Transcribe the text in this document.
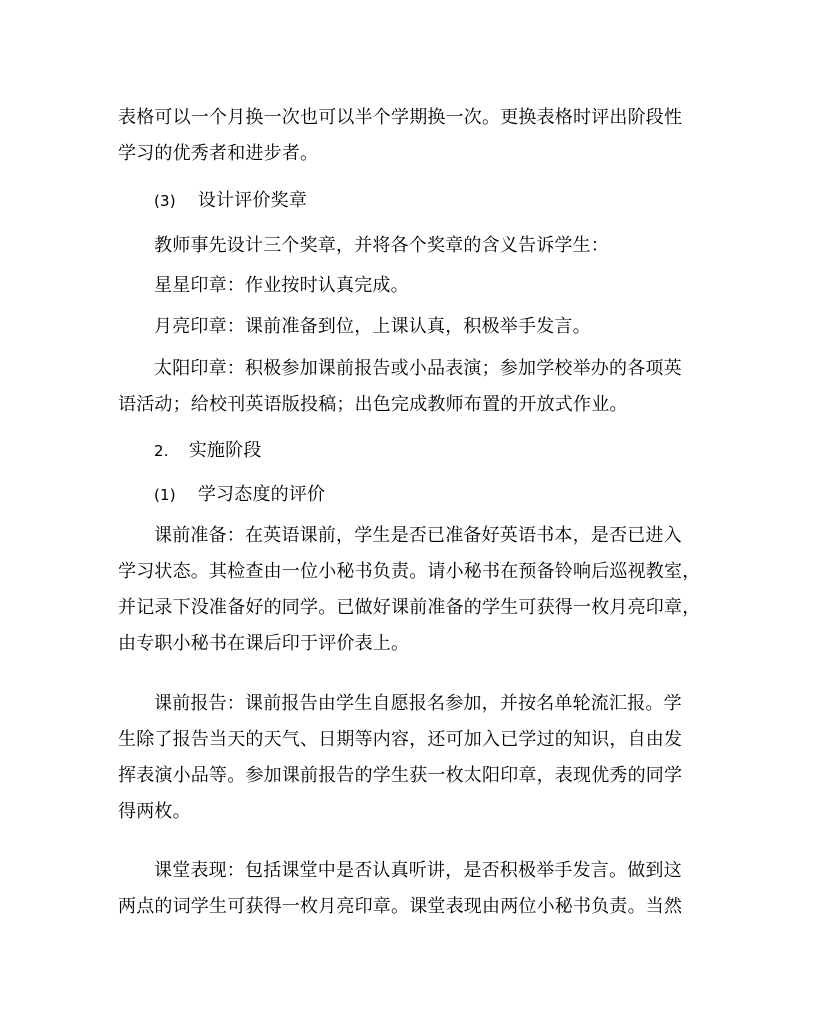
表格可以一个月换一次也可以半个学期换一次。更换表格时评出阶段性
学习的优秀者和进步者。
(3) 设计评价奖章
教师事先设计三个奖章，并将各个奖章的含义告诉学生：
星星印章：作业按时认真完成。
月亮印章：课前准备到位，上课认真，积极举手发言。
太阳印章：积极参加课前报告或小品表演；参加学校举办的各项英
语活动；给校刊英语版投稿；出色完成教师布置的开放式作业。
2. 实施阶段
(1) 学习态度的评价
课前准备：在英语课前，学生是否已准备好英语书本，是否已进入
学习状态。其检查由一位小秘书负责。请小秘书在预备铃响后巡视教室，
并记录下没准备好的同学。已做好课前准备的学生可获得一枚月亮印章，
由专职小秘书在课后印于评价表上。
课前报告：课前报告由学生自愿报名参加，并按名单轮流汇报。学
生除了报告当天的天气、日期等内容，还可加入已学过的知识，自由发
挥表演小品等。参加课前报告的学生获一枚太阳印章，表现优秀的同学
得两枚。
课堂表现：包括课堂中是否认真听讲，是否积极举手发言。做到这
两点的词学生可获得一枚月亮印章。课堂表现由两位小秘书负责。当然
